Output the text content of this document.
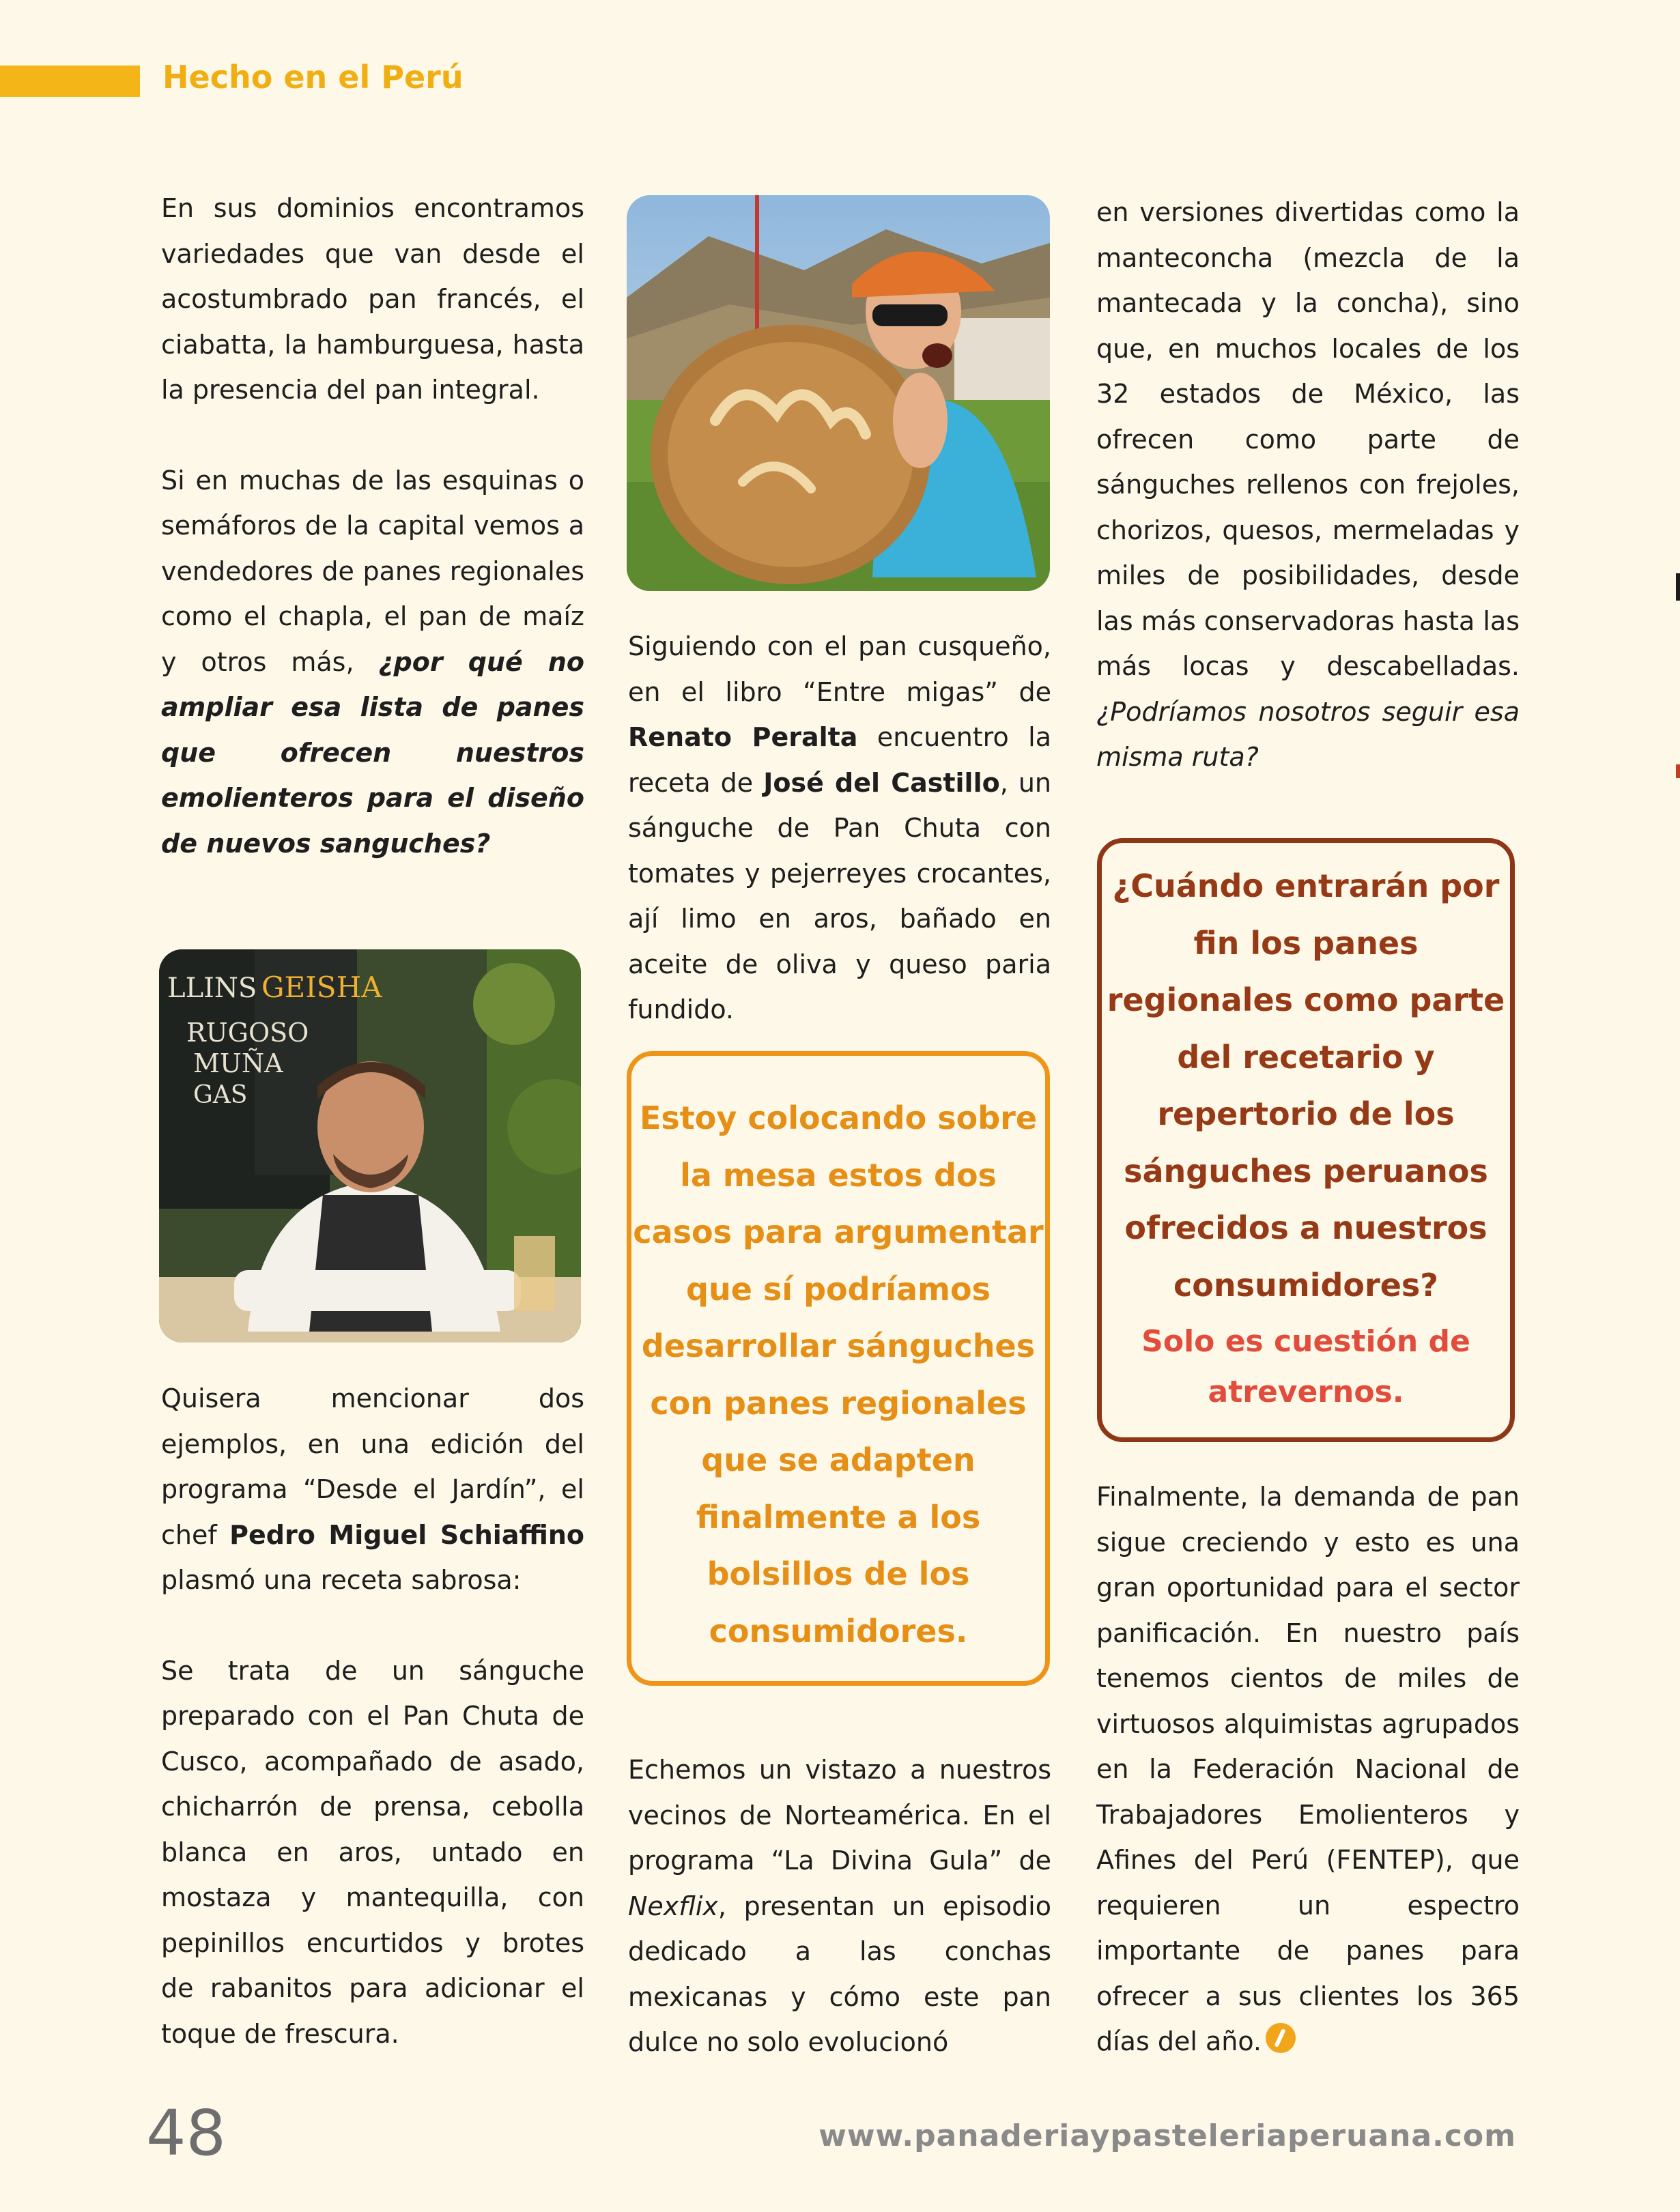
Hecho en el Perú

En sus dominios encontramos variedades que van desde el acostumbrado pan francés, el ciabatta, la hamburguesa, hasta la presencia del pan integral.

Si en muchas de las esquinas o semáforos de la capital vemos a vendedores de panes regionales como el chapla, el pan de maíz y otros más, ¿por qué no ampliar esa lista de panes que ofrecen nuestros emolienteros para el diseño de nuevos sanguches?

LLINS GEISHA
RUGOSO
MUÑA
GAS

Quisera mencionar dos ejemplos, en una edición del programa “Desde el Jardín”, el chef Pedro Miguel Schiaffino plasmó una receta sabrosa:

Se trata de un sánguche preparado con el Pan Chuta de Cusco, acompañado de asado, chicharrón de prensa, cebolla blanca en aros, untado en mostaza y mantequilla, con pepinillos encurtidos y brotes de rabanitos para adicionar el toque de frescura.

Siguiendo con el pan cusqueño, en el libro “Entre migas” de Renato Peralta encuentro la receta de José del Castillo, un sánguche de Pan Chuta con tomates y pejerreyes crocantes, ají limo en aros, bañado en aceite de oliva y queso paria fundido.

Estoy colocando sobre la mesa estos dos casos para argumentar que sí podríamos desarrollar sánguches con panes regionales que se adapten finalmente a los bolsillos de los consumidores.

Echemos un vistazo a nuestros vecinos de Norteamérica. En el programa “La Divina Gula” de Nexflix, presentan un episodio dedicado a las conchas mexicanas y cómo este pan dulce no solo evolucionó

en versiones divertidas como la manteconcha (mezcla de la mantecada y la concha), sino que, en muchos locales de los 32 estados de México, las ofrecen como parte de sánguches rellenos con frejoles, chorizos, quesos, mermeladas y miles de posibilidades, desde las más conservadoras hasta las más locas y descabelladas. ¿Podríamos nosotros seguir esa misma ruta?

¿Cuándo entrarán por fin los panes regionales como parte del recetario y repertorio de los sánguches peruanos ofrecidos a nuestros consumidores?

Solo es cuestión de atrevernos.

Finalmente, la demanda de pan sigue creciendo y esto es una gran oportunidad para el sector panificación. En nuestro país tenemos cientos de miles de virtuosos alquimistas agrupados en la Federación Nacional de Trabajadores Emolienteros y Afines del Perú (FENTEP), que requieren un espectro importante de panes para ofrecer a sus clientes los 365 días del año.

48	www.panaderiaypasteleriaperuana.com
